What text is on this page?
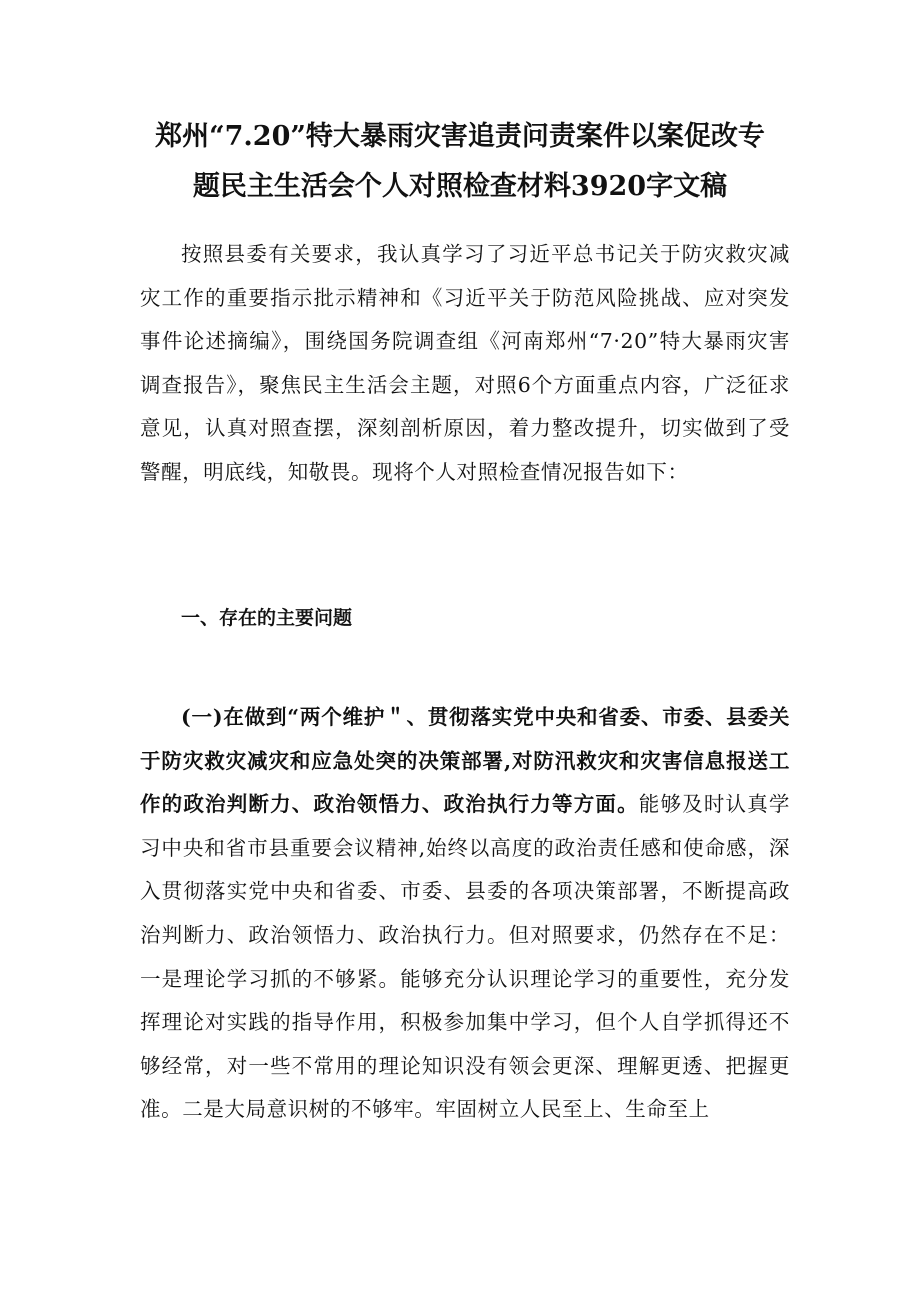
郑州“7.20”特大暴雨灾害追责问责案件以案促改专
题民主生活会个人对照检查材料3920字文稿

按照县委有关要求，我认真学习了习近平总书记关于防灾救灾减灾工作的重要指示批示精神和《习近平关于防范风险挑战、应对突发事件论述摘编》，围绕国务院调查组《河南郑州“7·20”特大暴雨灾害调查报告》，聚焦民主生活会主题，对照6个方面重点内容，广泛征求意见，认真对照查摆，深刻剖析原因，着力整改提升，切实做到了受警醒，明底线，知敬畏。现将个人对照检查情况报告如下：

一、存在的主要问题

(一)在做到“两个维护＂、贯彻落实党中央和省委、市委、县委关于防灾救灾减灾和应急处突的决策部署,对防汛救灾和灾害信息报送工作的政治判断力、政治领悟力、政治执行力等方面。能够及时认真学习中央和省市县重要会议精神,始终以高度的政治责任感和使命感，深入贯彻落实党中央和省委、市委、县委的各项决策部署，不断提高政治判断力、政治领悟力、政治执行力。但对照要求，仍然存在不足：一是理论学习抓的不够紧。能够充分认识理论学习的重要性，充分发挥理论对实践的指导作用，积极参加集中学习，但个人自学抓得还不够经常，对一些不常用的理论知识没有领会更深、理解更透、把握更准。二是大局意识树的不够牢。牢固树立人民至上、生命至上
